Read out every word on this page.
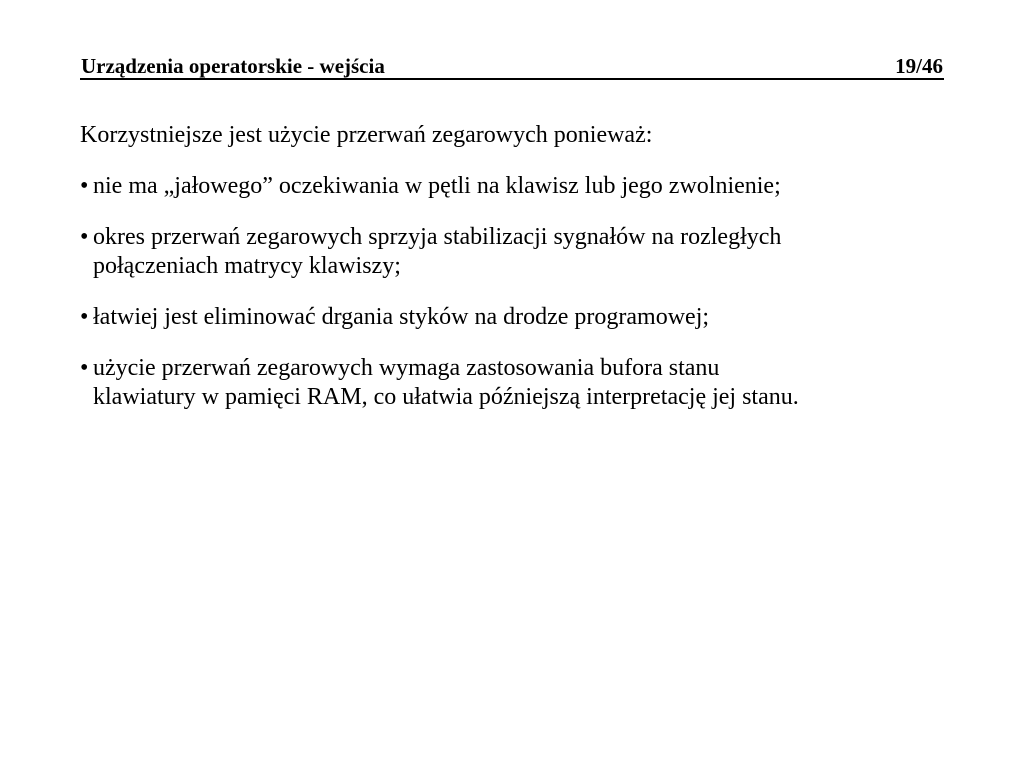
Urządzenia operatorskie - wejścia	19/46

Korzystniejsze jest użycie przerwań zegarowych ponieważ:

• nie ma „jałowego” oczekiwania w pętli na klawisz lub jego zwolnienie;
• okres przerwań zegarowych sprzyja stabilizacji sygnałów na rozległych
połączeniach matrycy klawiszy;
• łatwiej jest eliminować drgania styków na drodze programowej;
• użycie przerwań zegarowych wymaga zastosowania bufora stanu
klawiatury w pamięci RAM, co ułatwia późniejszą interpretację jej stanu.
